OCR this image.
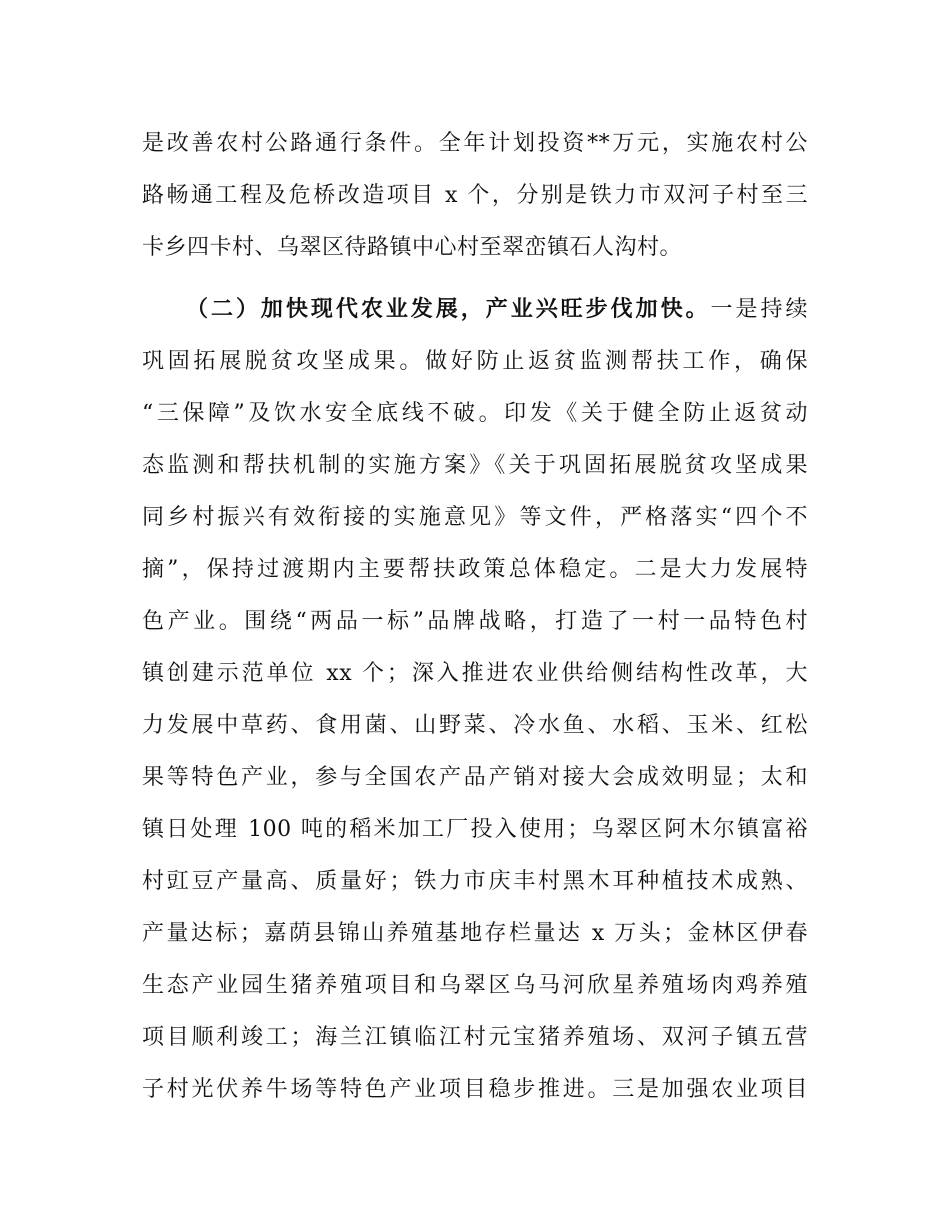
是改善农村公路通行条件。全年计划投资**万元，实施农村公
路畅通工程及危桥改造项目 x 个，分别是铁力市双河子村至三
卡乡四卡村、乌翠区待路镇中心村至翠峦镇石人沟村。
（二）加快现代农业发展，产业兴旺步伐加快。一是持续
巩固拓展脱贫攻坚成果。做好防止返贫监测帮扶工作，确保
“三保障”及饮水安全底线不破。印发《关于健全防止返贫动
态监测和帮扶机制的实施方案》《关于巩固拓展脱贫攻坚成果
同乡村振兴有效衔接的实施意见》等文件，严格落实“四个不
摘”，保持过渡期内主要帮扶政策总体稳定。二是大力发展特
色产业。围绕“两品一标”品牌战略，打造了一村一品特色村
镇创建示范单位 xx 个；深入推进农业供给侧结构性改革，大
力发展中草药、食用菌、山野菜、冷水鱼、水稻、玉米、红松
果等特色产业，参与全国农产品产销对接大会成效明显；太和
镇日处理 100 吨的稻米加工厂投入使用；乌翠区阿木尔镇富裕
村豇豆产量高、质量好；铁力市庆丰村黑木耳种植技术成熟、
产量达标；嘉荫县锦山养殖基地存栏量达 x 万头；金林区伊春
生态产业园生猪养殖项目和乌翠区乌马河欣星养殖场肉鸡养殖
项目顺利竣工；海兰江镇临江村元宝猪养殖场、双河子镇五营
子村光伏养牛场等特色产业项目稳步推进。三是加强农业项目
